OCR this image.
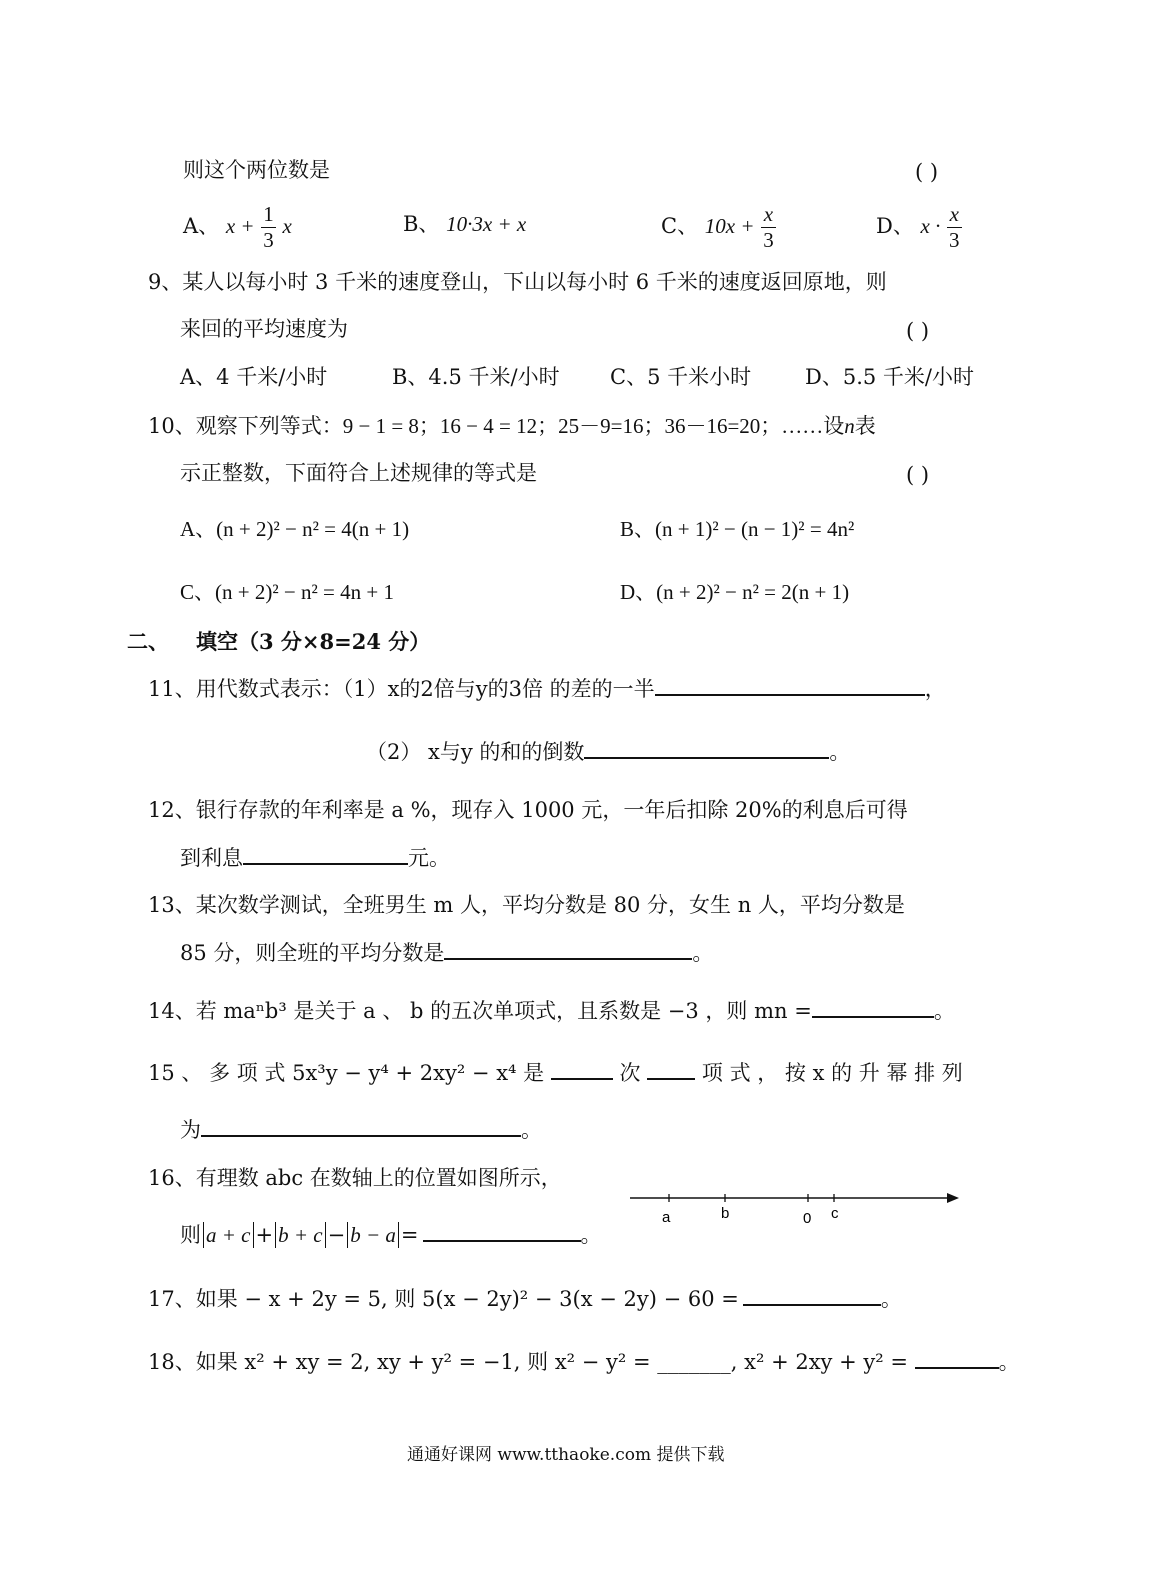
则这个两位数是	( )
A、 $x + \frac{1}{3}$ x	B、 10·3x + x	C、 $10x + \frac{x}{3}$	D、 $x \cdot \frac{x}{3}$
9、某人以每小时 3 千米的速度登山，下山以每小时 6 千米的速度返回原地，则
来回的平均速度为	( )
A、4 千米/小时	B、4.5 千米/小时 C、5 千米小时	D、5.5 千米/小时
10、观察下列等式：9 − 1 = 8；16 − 4 = 12；25－9=16；36－16=20；……设n表
示正整数，下面符合上述规律的等式是	( )
A、(n + 2)² − n² = 4(n + 1)	B、(n + 1)² − (n − 1)² = 4n²
C、(n + 2)² − n² = 4n + 1	D、(n + 2)² − n² = 2(n + 1)
二、 填空（3 分×8=24 分）
11、用代数式表示：（1）x的2倍与y的3倍 的差的一半	，
（2） x与y 的和的倒数	。
12、银行存款的年利率是 a %，现存入 1000 元，一年后扣除 20%的利息后可得
到利息	元。
13、某次数学测试，全班男生 m 人，平均分数是 80 分，女生 n 人，平均分数是
85 分，则全班的平均分数是	。
14、若 maⁿb³ 是关于 a 、 b 的五次单项式，且系数是 −3 ，则 mn =	。
15 、 多 项 式 5x³y − y⁴ + 2xy² − x⁴ 是	次	项 式 ， 按 x 的 升 幂 排 列
为	。
16、有理数 abc 在数轴上的位置如图所示，
则 a + c + b + c − b − a =	。
a	b	0 c
17、如果 − x + 2y = 5, 则 5(x − 2y)² − 3(x − 2y) − 60 =	。
18、如果 x² + xy = 2, xy + y² = −1, 则 x² − y² = _______, x² + 2xy + y² =	。
通通好课网 www.tthaoke.com 提供下载
